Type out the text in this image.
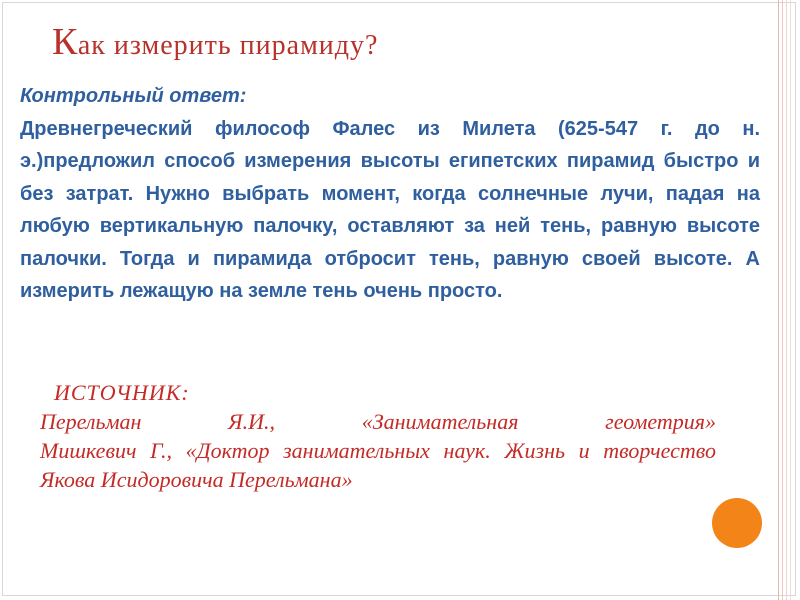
Как измерить пирамиду?

Контрольный ответ:

Древнегреческий философ Фалес из Милета (625-547 г. до н. э.)предложил способ измерения высоты египетских пирамид быстро и без затрат. Нужно выбрать момент, когда солнечные лучи, падая на любую вертикальную палочку, оставляют за ней тень, равную высоте палочки. Тогда и пирамида отбросит тень, равную своей высоте. А измерить лежащую на земле тень очень просто.

ИСТОЧНИК:

Перельман Я.И., «Занимательная геометрия»

Мишкевич Г., «Доктор занимательных наук. Жизнь и творчество Якова Исидоровича Перельмана»
